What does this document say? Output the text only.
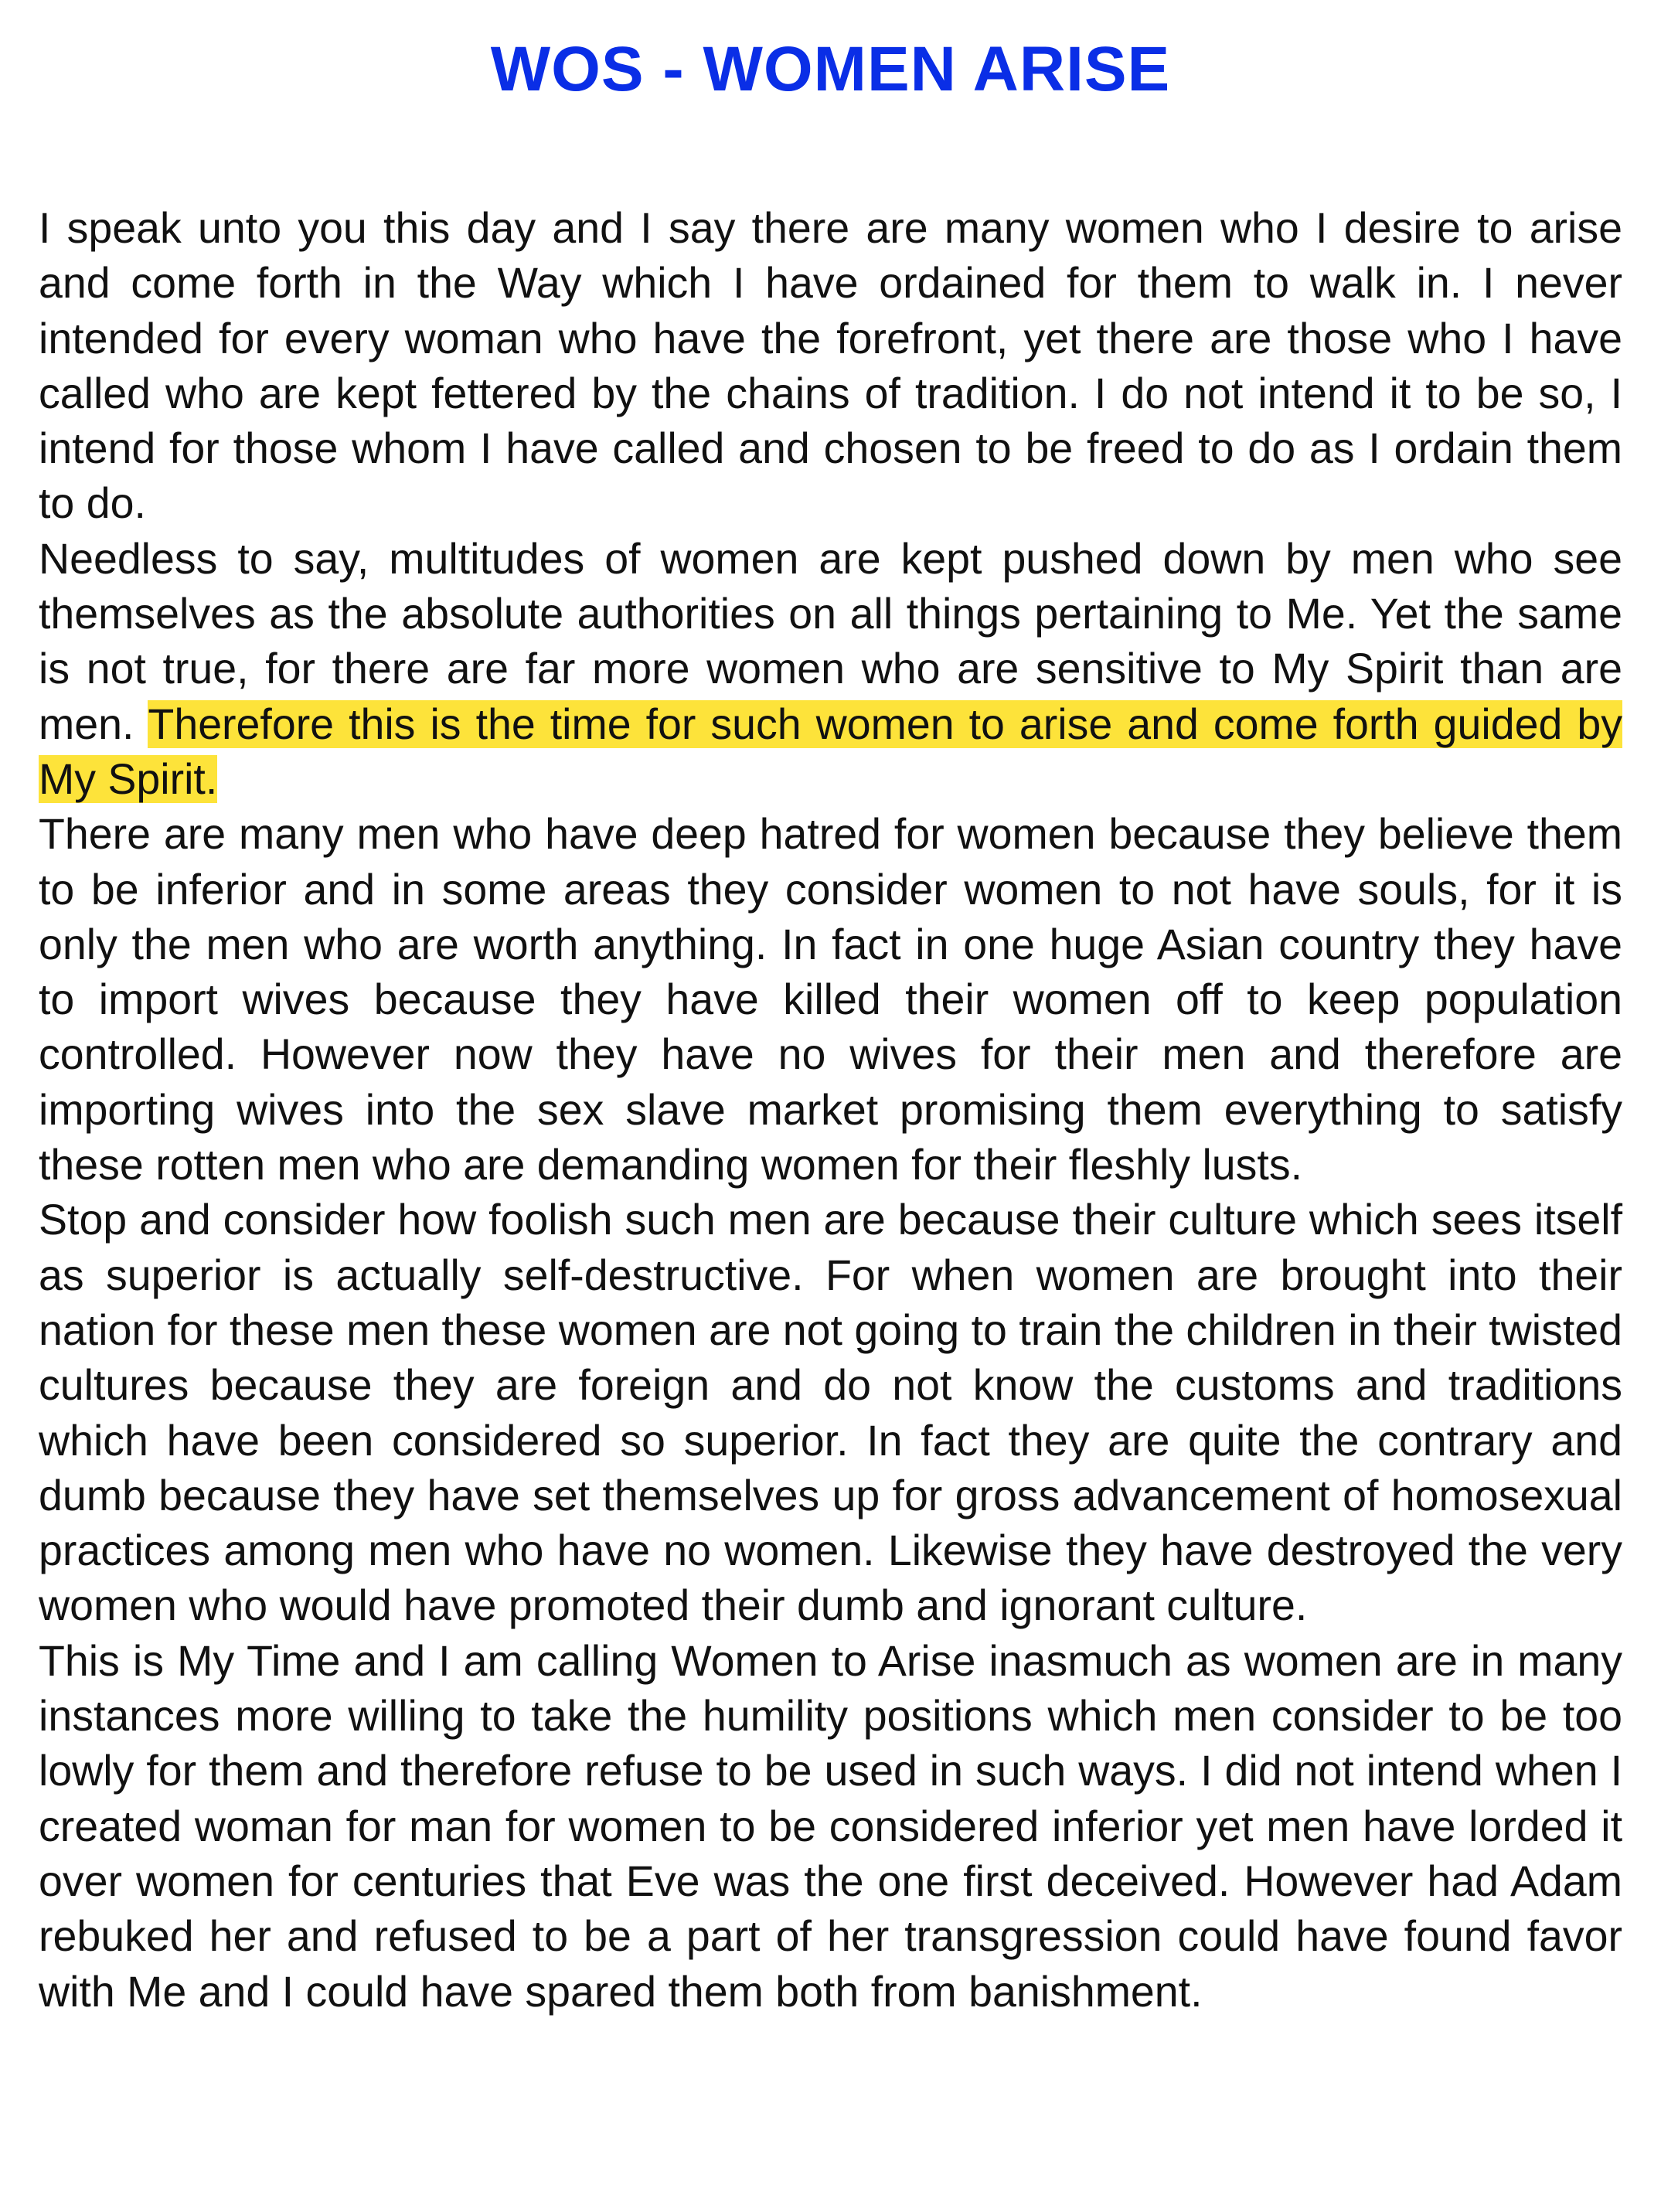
WOS - WOMEN ARISE

I speak unto you this day and I say there are many women who I desire to arise and come forth in the Way which I have ordained for them to walk in. I never intended for every woman who have the forefront, yet there are those who I have called who are kept fettered by the chains of tradition. I do not intend it to be so, I intend for those whom I have called and chosen to be freed to do as I ordain them to do.

Needless to say, multitudes of women are kept pushed down by men who see themselves as the absolute authorities on all things pertaining to Me. Yet the same is not true, for there are far more women who are sensitive to My Spirit than are men. Therefore this is the time for such women to arise and come forth guided by My Spirit.

There are many men who have deep hatred for women because they believe them to be inferior and in some areas they consider women to not have souls, for it is only the men who are worth anything. In fact in one huge Asian country they have to import wives because they have killed their women off to keep population controlled. However now they have no wives for their men and therefore are importing wives into the sex slave market promising them everything to satisfy these rotten men who are demanding women for their fleshly lusts.

Stop and consider how foolish such men are because their culture which sees itself as superior is actually self-destructive. For when women are brought into their nation for these men these women are not going to train the children in their twisted cultures because they are foreign and do not know the customs and traditions which have been considered so superior. In fact they are quite the contrary and dumb because they have set themselves up for gross advancement of homosexual practices among men who have no women. Likewise they have destroyed the very women who would have promoted their dumb and ignorant culture.

This is My Time and I am calling Women to Arise inasmuch as women are in many instances more willing to take the humility positions which men consider to be too lowly for them and therefore refuse to be used in such ways. I did not intend when I created woman for man for women to be considered inferior yet men have lorded it over women for centuries that Eve was the one first deceived. However had Adam rebuked her and refused to be a part of her transgression could have found favor with Me and I could have spared them both from banishment.
